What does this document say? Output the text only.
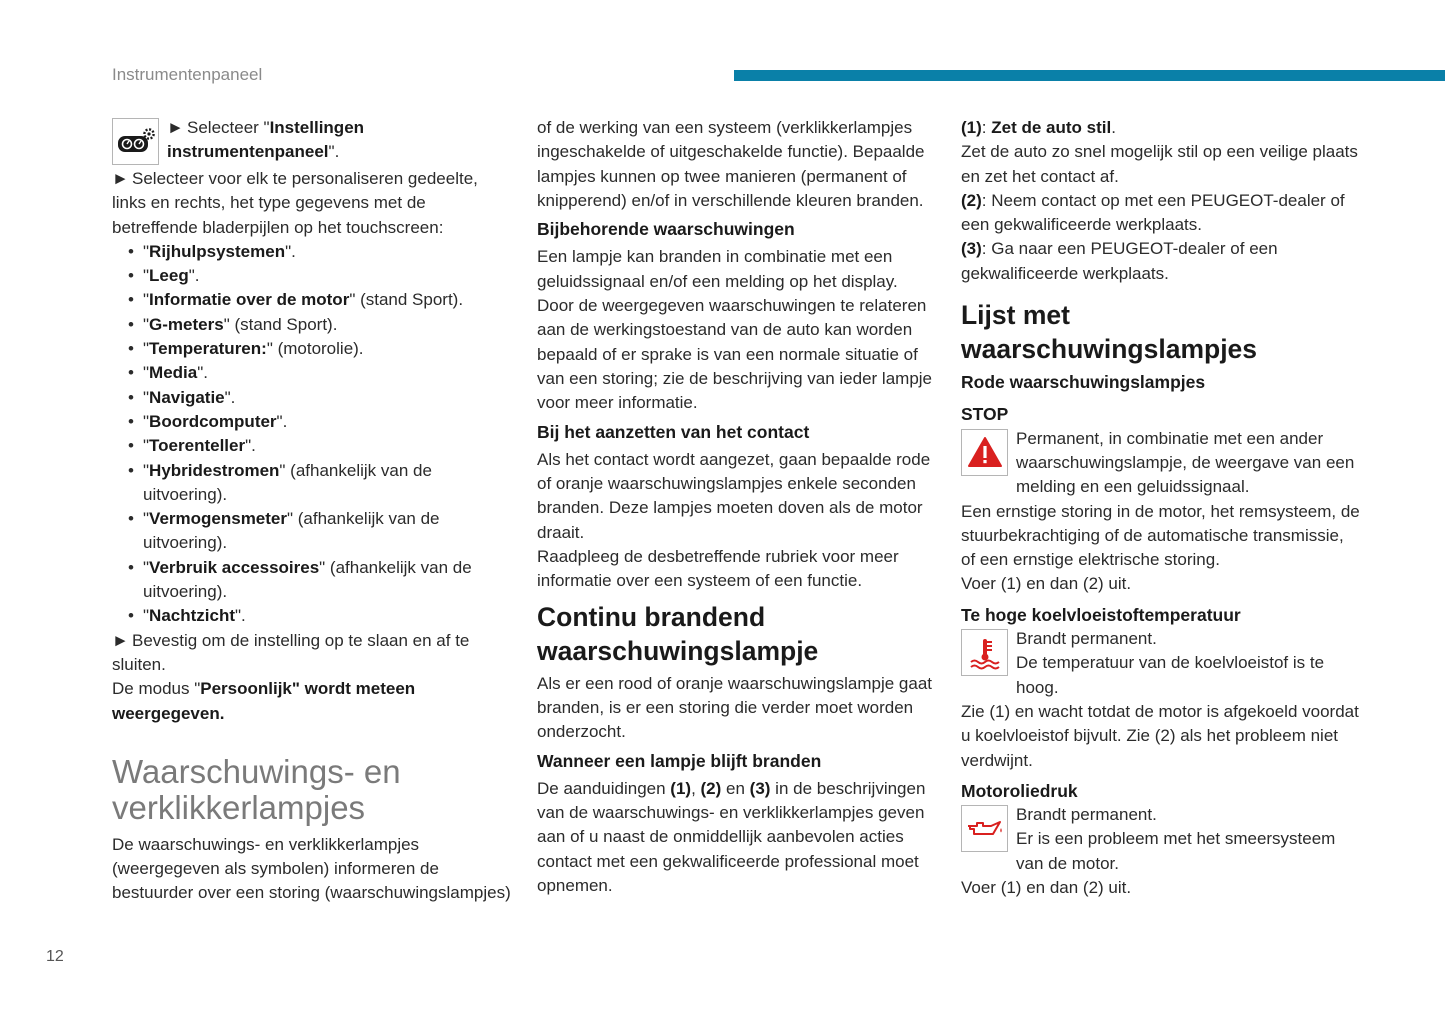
Instrumentenpaneel

► Selecteer "Instellingen instrumentenpaneel".

► Selecteer voor elk te personaliseren gedeelte, links en rechts, het type gegevens met de betreffende bladerpijlen op het touchscreen:

• "Rijhulpsystemen".
• "Leeg".
• "Informatie over de motor" (stand Sport).
• "G-meters" (stand Sport).
• "Temperaturen:" (motorolie).
• "Media".
• "Navigatie".
• "Boordcomputer".
• "Toerenteller".
• "Hybridestromen" (afhankelijk van de uitvoering).
• "Vermogensmeter" (afhankelijk van de uitvoering).
• "Verbruik accessoires" (afhankelijk van de uitvoering).
• "Nachtzicht".

► Bevestig om de instelling op te slaan en af te sluiten.

De modus "Persoonlijk" wordt meteen weergegeven.

Waarschuwings- en verklikkerlampjes

De waarschuwings- en verklikkerlampjes (weergegeven als symbolen) informeren de bestuurder over een storing (waarschuwingslampjes)

of de werking van een systeem (verklikkerlampjes ingeschakelde of uitgeschakelde functie). Bepaalde lampjes kunnen op twee manieren (permanent of knipperend) en/of in verschillende kleuren branden.

Bijbehorende waarschuwingen

Een lampje kan branden in combinatie met een geluidssignaal en/of een melding op het display. Door de weergegeven waarschuwingen te relateren aan de werkingstoestand van de auto kan worden bepaald of er sprake is van een normale situatie of van een storing; zie de beschrijving van ieder lampje voor meer informatie.

Bij het aanzetten van het contact

Als het contact wordt aangezet, gaan bepaalde rode of oranje waarschuwingslampjes enkele seconden branden. Deze lampjes moeten doven als de motor draait.

Raadpleeg de desbetreffende rubriek voor meer informatie over een systeem of een functie.

Continu brandend waarschuwingslampje

Als er een rood of oranje waarschuwingslampje gaat branden, is er een storing die verder moet worden onderzocht.

Wanneer een lampje blijft branden

De aanduidingen (1), (2) en (3) in de beschrijvingen van de waarschuwings- en verklikkerlampjes geven aan of u naast de onmiddellijk aanbevolen acties contact met een gekwalificeerde professional moet opnemen.

(1): Zet de auto stil.

Zet de auto zo snel mogelijk stil op een veilige plaats en zet het contact af.

(2): Neem contact op met een PEUGEOT-dealer of een gekwalificeerde werkplaats.

(3): Ga naar een PEUGEOT-dealer of een gekwalificeerde werkplaats.

Lijst met waarschuwingslampjes
Rode waarschuwingslampjes
STOP

Permanent, in combinatie met een ander waarschuwingslampje, de weergave van een melding en een geluidssignaal.

Een ernstige storing in de motor, het remsysteem, de stuurbekrachtiging of de automatische transmissie, of een ernstige elektrische storing.

Voer (1) en dan (2) uit.

Te hoge koelvloeistoftemperatuur

Brandt permanent.

De temperatuur van de koelvloeistof is te hoog.

Zie (1) en wacht totdat de motor is afgekoeld voordat u koelvloeistof bijvult. Zie (2) als het probleem niet verdwijnt.

Motoroliedruk

Brandt permanent.

Er is een probleem met het smeersysteem van de motor.

Voer (1) en dan (2) uit.

12
